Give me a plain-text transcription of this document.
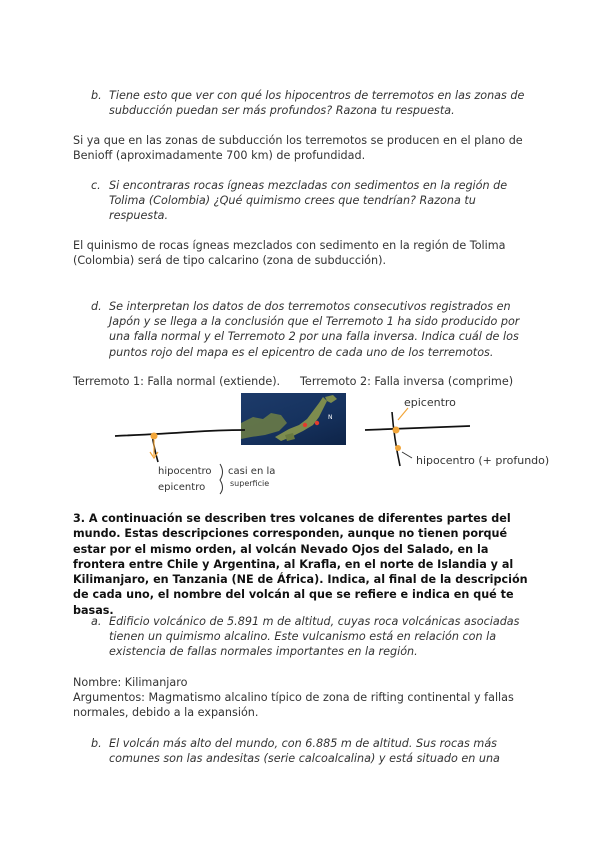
b. Tiene esto que ver con qué los hipocentros de terremotos en las zonas de subducción puedan ser más profundos? Razona tu respuesta.
Si ya que en las zonas de subducción los terremotos se producen en el plano de Benioff (aproximadamente 700 km) de profundidad.
c. Si encontraras rocas ígneas mezcladas con sedimentos en la región de Tolima (Colombia) ¿Qué quimismo crees que tendrían? Razona tu respuesta.
El quinismo de rocas ígneas mezclados con sedimento en la región de Tolima (Colombia) será de tipo calcarino (zona de subducción).
d. Se interpretan los datos de dos terremotos consecutivos registrados en Japón y se llega a la conclusión que el Terremoto 1 ha sido producido por una falla normal y el Terremoto 2 por una falla inversa. Indica cuál de los puntos rojo del mapa es el epicentro de cada uno de los terremotos.
Terremoto 1: Falla normal (extiende). Terremoto 2: Falla inversa (comprime)
N
hipocentro
epicentro
casi en la
superficie
epicentro
hipocentro (+ profundo)
3. A continuación se describen tres volcanes de diferentes partes del mundo. Estas descripciones corresponden, aunque no tienen porqué estar por el mismo orden, al volcán Nevado Ojos del Salado, en la frontera entre Chile y Argentina, al Krafla, en el norte de Islandia y al Kilimanjaro, en Tanzania (NE de África). Indica, al final de la descripción de cada uno, el nombre del volcán al que se refiere e indica en qué te basas.
a. Edificio volcánico de 5.891 m de altitud, cuyas roca volcánicas asociadas tienen un quimismo alcalino. Este vulcanismo está en relación con la existencia de fallas normales importantes en la región.
Nombre: Kilimanjaro
Argumentos: Magmatismo alcalino típico de zona de rifting continental y fallas normales, debido a la expansión.
b. El volcán más alto del mundo, con 6.885 m de altitud. Sus rocas más comunes son las andesitas (serie calcoalcalina) y está situado en una
